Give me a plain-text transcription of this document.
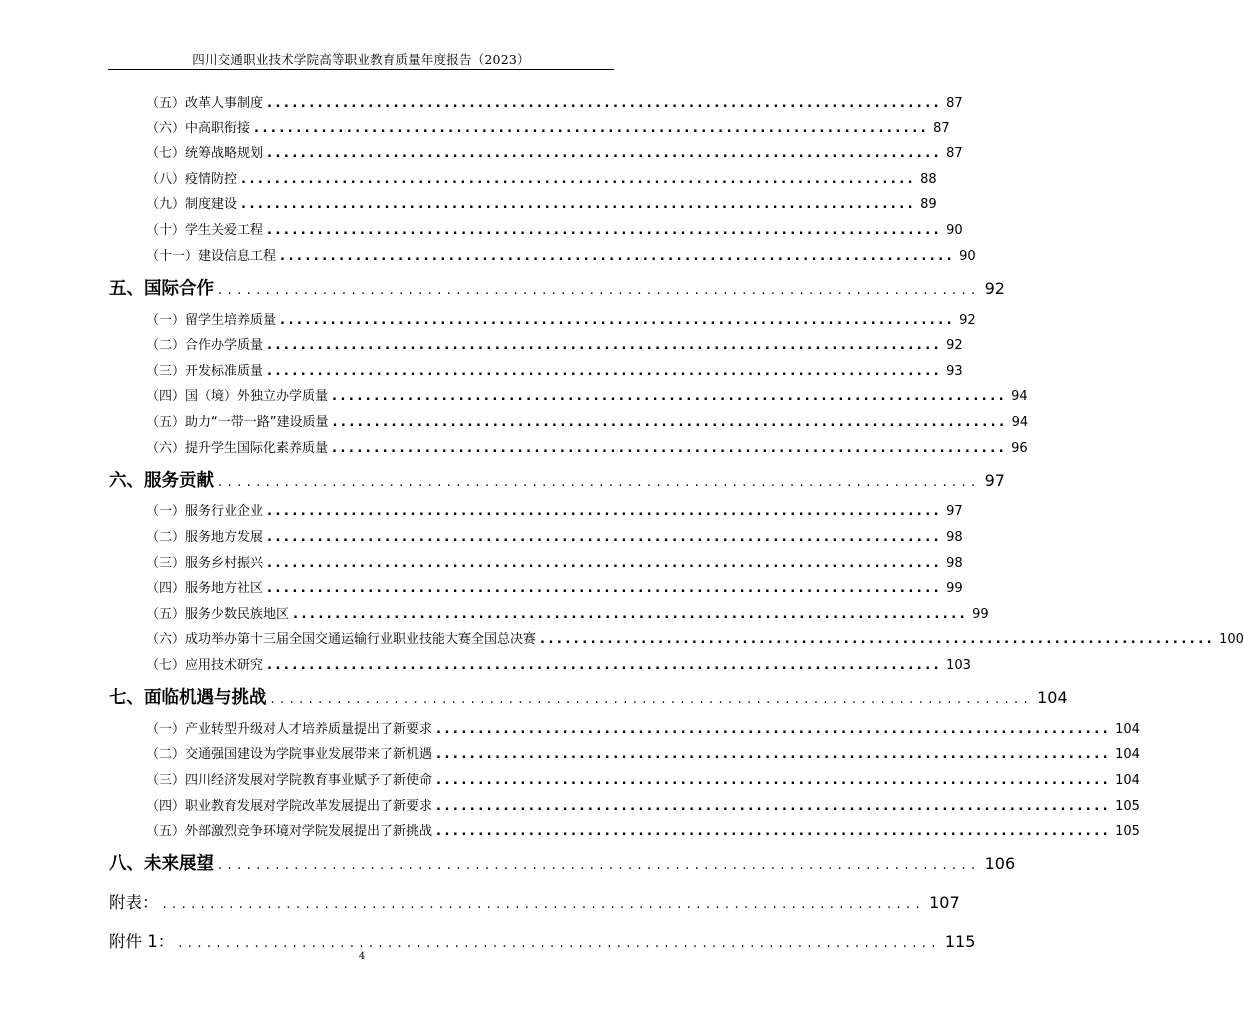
四川交通职业技术学院高等职业教育质量年度报告（2023）
（五）改革人事制度 ................................................................................ 87
（六）中高职衔接 ................................................................................ 87
（七）统筹战略规划 ................................................................................ 87
（八）疫情防控 ................................................................................ 88
（九）制度建设 ................................................................................ 89
（十）学生关爱工程 ................................................................................ 90
（十一）建设信息工程 ................................................................................ 90
五、国际合作 ................................................................................ 92
（一）留学生培养质量 ................................................................................ 92
（二）合作办学质量 ................................................................................ 92
（三）开发标准质量 ................................................................................ 93
（四）国（境）外独立办学质量 ................................................................................ 94
（五）助力“一带一路”建设质量 ................................................................................ 94
（六）提升学生国际化素养质量 ................................................................................ 96
六、服务贡献 ................................................................................ 97
（一）服务行业企业 ................................................................................ 97
（二）服务地方发展 ................................................................................ 98
（三）服务乡村振兴 ................................................................................ 98
（四）服务地方社区 ................................................................................ 99
（五）服务少数民族地区 ................................................................................ 99
（六）成功举办第十三届全国交通运输行业职业技能大赛全国总决赛 ................................................................................ 100
（七）应用技术研究 ................................................................................ 103
七、面临机遇与挑战 ................................................................................ 104
（一）产业转型升级对人才培养质量提出了新要求 ................................................................................ 104
（二）交通强国建设为学院事业发展带来了新机遇 ................................................................................ 104
（三）四川经济发展对学院教育事业赋予了新使命 ................................................................................ 104
（四）职业教育发展对学院改革发展提出了新要求 ................................................................................ 105
（五）外部激烈竞争环境对学院发展提出了新挑战 ................................................................................ 105
八、未来展望 ................................................................................ 106
附表： ................................................................................ 107
附件 1： ................................................................................ 115
4
